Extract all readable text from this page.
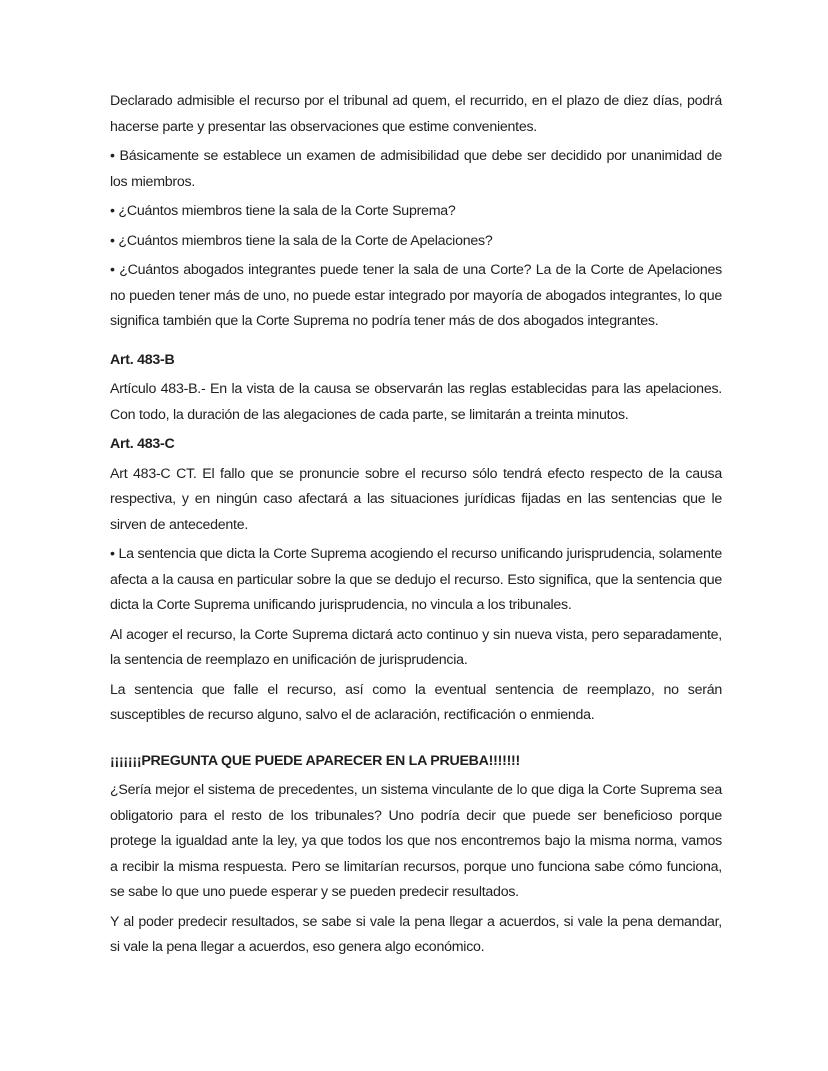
Declarado admisible el recurso por el tribunal ad quem, el recurrido, en el plazo de diez días, podrá hacerse parte y presentar las observaciones que estime convenientes.
• Básicamente se establece un examen de admisibilidad que debe ser decidido por unanimidad de los miembros.
• ¿Cuántos miembros tiene la sala de la Corte Suprema?
• ¿Cuántos miembros tiene la sala de la Corte de Apelaciones?
• ¿Cuántos abogados integrantes puede tener la sala de una Corte? La de la Corte de Apelaciones no pueden tener más de uno, no puede estar integrado por mayoría de abogados integrantes, lo que significa también que la Corte Suprema no podría tener más de dos abogados integrantes.
Art. 483-B
Artículo 483-B.- En la vista de la causa se observarán las reglas establecidas para las apelaciones. Con todo, la duración de las alegaciones de cada parte, se limitarán a treinta minutos.
Art. 483-C
Art 483-C CT. El fallo que se pronuncie sobre el recurso sólo tendrá efecto respecto de la causa respectiva, y en ningún caso afectará a las situaciones jurídicas fijadas en las sentencias que le sirven de antecedente.
• La sentencia que dicta la Corte Suprema acogiendo el recurso unificando jurisprudencia, solamente afecta a la causa en particular sobre la que se dedujo el recurso. Esto significa, que la sentencia que dicta la Corte Suprema unificando jurisprudencia, no vincula a los tribunales.
Al acoger el recurso, la Corte Suprema dictará acto continuo y sin nueva vista, pero separadamente, la sentencia de reemplazo en unificación de jurisprudencia.
La sentencia que falle el recurso, así como la eventual sentencia de reemplazo, no serán susceptibles de recurso alguno, salvo el de aclaración, rectificación o enmienda.
¡¡¡¡¡¡¡PREGUNTA QUE PUEDE APARECER EN LA PRUEBA!!!!!!!
¿Sería mejor el sistema de precedentes, un sistema vinculante de lo que diga la Corte Suprema sea obligatorio para el resto de los tribunales? Uno podría decir que puede ser beneficioso porque protege la igualdad ante la ley, ya que todos los que nos encontremos bajo la misma norma, vamos a recibir la misma respuesta. Pero se limitarían recursos, porque uno funciona sabe cómo funciona, se sabe lo que uno puede esperar y se pueden predecir resultados.
Y al poder predecir resultados, se sabe si vale la pena llegar a acuerdos, si vale la pena demandar, si vale la pena llegar a acuerdos, eso genera algo económico.
